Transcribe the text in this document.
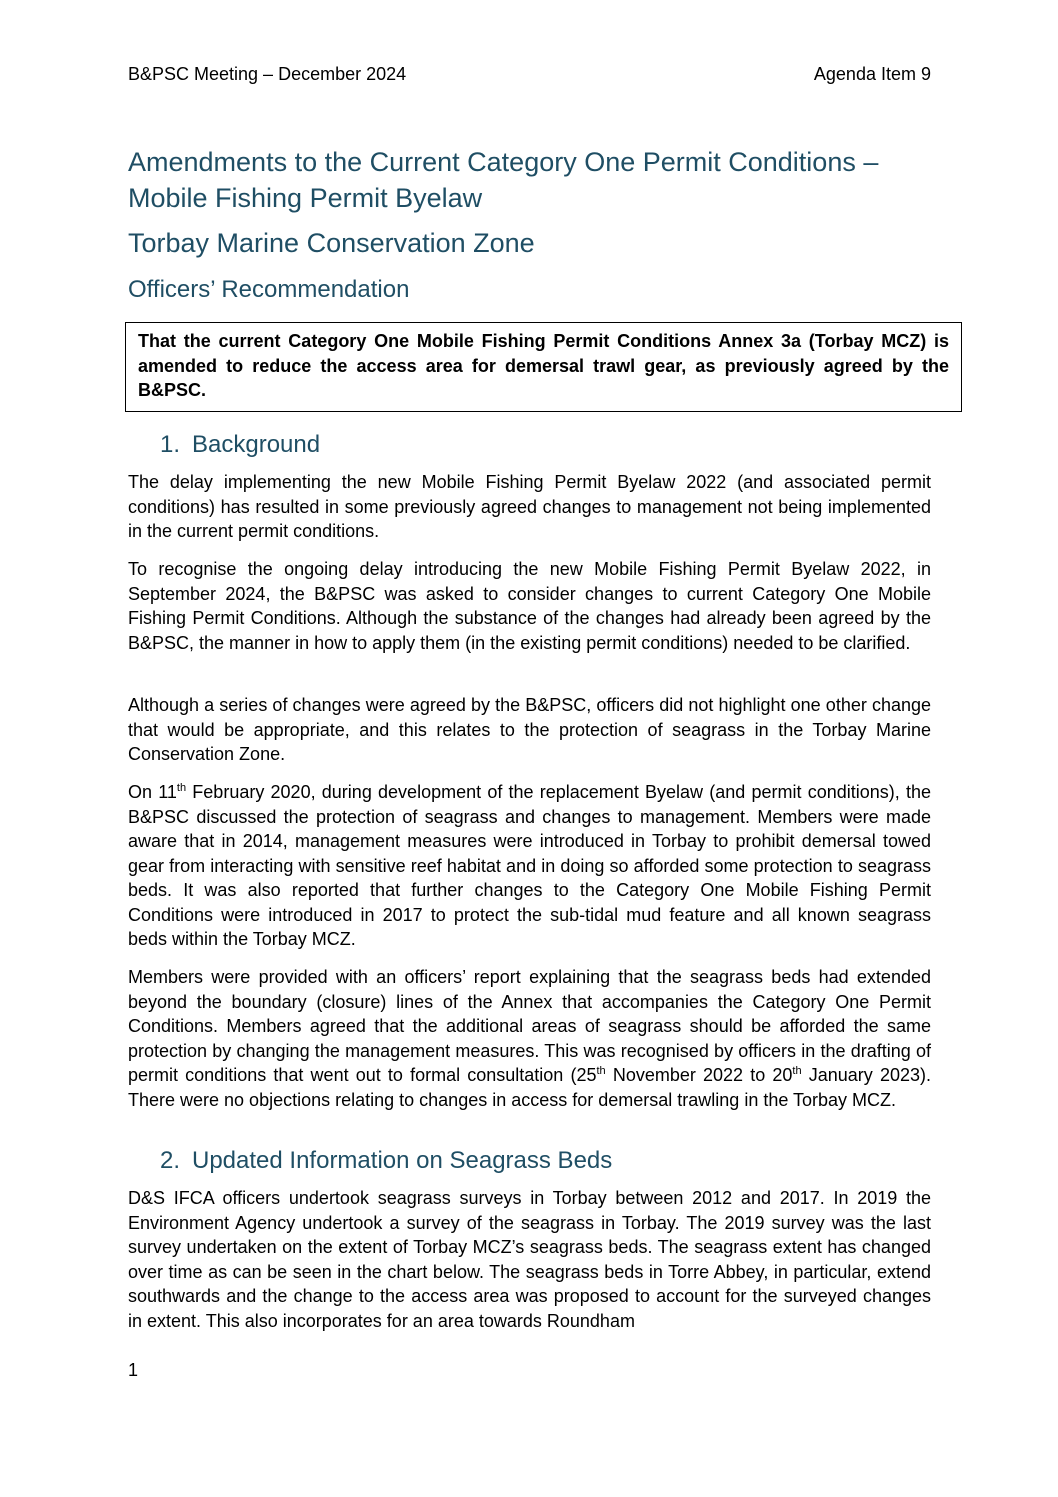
B&PSC Meeting – December 2024	Agenda Item 9
Amendments to the Current Category One Permit Conditions – Mobile Fishing Permit Byelaw
Torbay Marine Conservation Zone
Officers’ Recommendation
That the current Category One Mobile Fishing Permit Conditions Annex 3a (Torbay MCZ) is amended to reduce the access area for demersal trawl gear, as previously agreed by the B&PSC.
1. Background

The delay implementing the new Mobile Fishing Permit Byelaw 2022 (and associated permit conditions) has resulted in some previously agreed changes to management not being implemented in the current permit conditions.

To recognise the ongoing delay introducing the new Mobile Fishing Permit Byelaw 2022, in September 2024, the B&PSC was asked to consider changes to current Category One Mobile Fishing Permit Conditions. Although the substance of the changes had already been agreed by the B&PSC, the manner in how to apply them (in the existing permit conditions) needed to be clarified.

Although a series of changes were agreed by the B&PSC, officers did not highlight one other change that would be appropriate, and this relates to the protection of seagrass in the Torbay Marine Conservation Zone.

On 11th February 2020, during development of the replacement Byelaw (and permit conditions), the B&PSC discussed the protection of seagrass and changes to management. Members were made aware that in 2014, management measures were introduced in Torbay to prohibit demersal towed gear from interacting with sensitive reef habitat and in doing so afforded some protection to seagrass beds. It was also reported that further changes to the Category One Mobile Fishing Permit Conditions were introduced in 2017 to protect the sub-tidal mud feature and all known seagrass beds within the Torbay MCZ.

Members were provided with an officers’ report explaining that the seagrass beds had extended beyond the boundary (closure) lines of the Annex that accompanies the Category One Permit Conditions. Members agreed that the additional areas of seagrass should be afforded the same protection by changing the management measures. This was recognised by officers in the drafting of permit conditions that went out to formal consultation (25th November 2022 to 20th January 2023). There were no objections relating to changes in access for demersal trawling in the Torbay MCZ.

2. Updated Information on Seagrass Beds

D&S IFCA officers undertook seagrass surveys in Torbay between 2012 and 2017. In 2019 the Environment Agency undertook a survey of the seagrass in Torbay. The 2019 survey was the last survey undertaken on the extent of Torbay MCZ’s seagrass beds. The seagrass extent has changed over time as can be seen in the chart below. The seagrass beds in Torre Abbey, in particular, extend southwards and the change to the access area was proposed to account for the surveyed changes in extent. This also incorporates for an area towards Roundham

1
